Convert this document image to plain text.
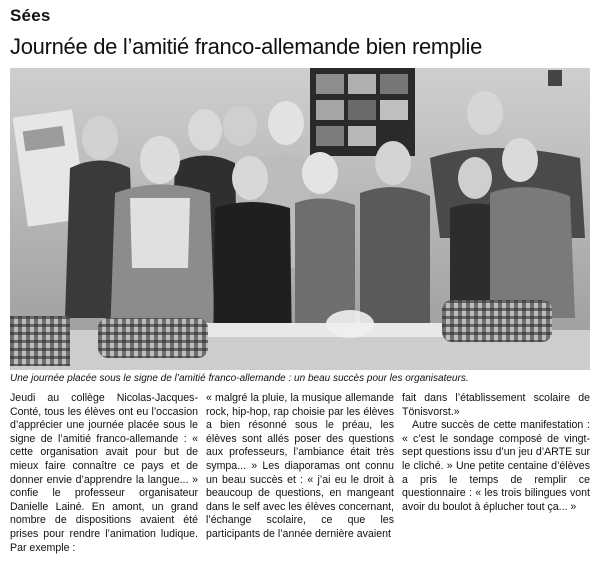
Sées
Journée de l’amitié franco-allemande bien remplie
Une journée placée sous le signe de l’amitié franco-allemande : un beau succès pour les organisateurs.

Jeudi au collège Nicolas-Jacques-Conté, tous les élèves ont eu l’occasion d’apprécier une journée placée sous le signe de l’amitié franco-allemande : « cette organisation avait pour but de mieux faire connaître ce pays et de donner envie d’apprendre la langue... » confie le professeur organisateur Danielle Lainé. En amont, un grand nombre de dispositions avaient été prises pour rendre l’animation ludique. Par exemple :

« malgré la pluie, la musique allemande rock, hip-hop, rap choisie par les élèves a bien résonné sous le préau, les élèves sont allés poser des questions aux professeurs, l’ambiance était très sympa... » Les diaporamas ont connu un beau succès et : « j’ai eu le droit à beaucoup de questions, en mangeant dans le self avec les élèves concernant, l’échange scolaire, ce que les participants de l’année dernière avaient

fait dans l’établissement scolaire de Tönisvorst.»

Autre succès de cette manifestation : « c’est le sondage composé de vingt-sept questions issu d’un jeu d’ARTE sur le cliché. » Une petite centaine d’élèves a pris le temps de remplir ce questionnaire : « les trois bilingues vont avoir du boulot à éplucher tout ça... »
